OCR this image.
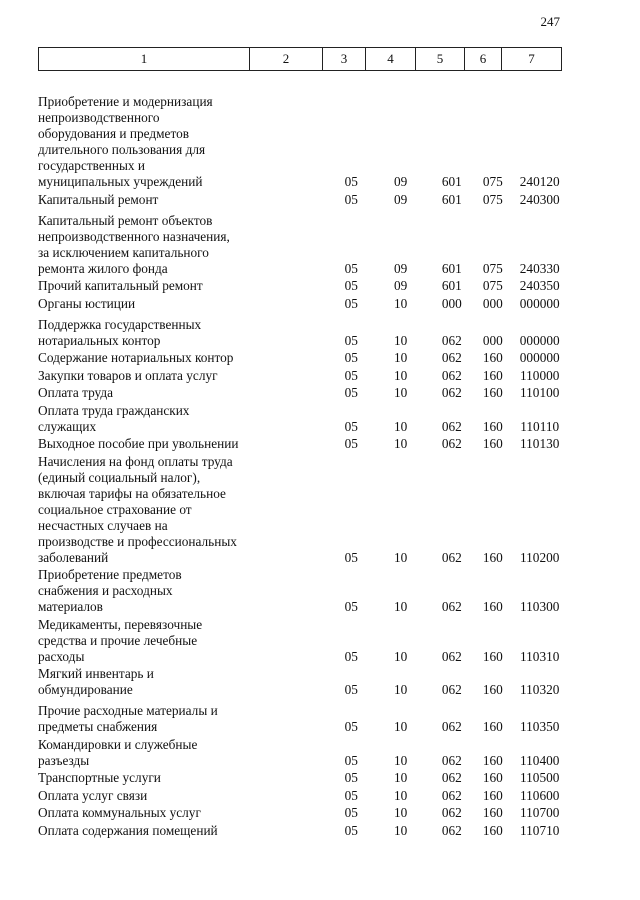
247
1	2	3	4	5	6	7
Приобретение и модернизация
непроизводственного
оборудования и предметов
длительного пользования для
государственных и
муниципальных учреждений	05	09	601	075	240120
Капитальный ремонт	05	09	601	075	240300
Капитальный ремонт объектов
непроизводственного назначения,
за исключением капитального
ремонта жилого фонда	05	09	601	075	240330
Прочий капитальный ремонт	05	09	601	075	240350
Органы юстиции	05	10	000	000	000000
Поддержка государственных
нотариальных контор	05	10	062	000	000000
Содержание нотариальных контор	05	10	062	160	000000
Закупки товаров и оплата услуг	05	10	062	160	110000
Оплата труда	05	10	062	160	110100
Оплата труда гражданских
служащих	05	10	062	160	110110
Выходное пособие при увольнении	05	10	062	160	110130
Начисления на фонд оплаты труда
(единый социальный налог),
включая тарифы на обязательное
социальное страхование от
несчастных случаев на
производстве и профессиональных
заболеваний	05	10	062	160	110200
Приобретение предметов
снабжения и расходных
материалов	05	10	062	160	110300
Медикаменты, перевязочные
средства и прочие лечебные
расходы	05	10	062	160	110310
Мягкий инвентарь и
обмундирование	05	10	062	160	110320
Прочие расходные материалы и
предметы снабжения	05	10	062	160	110350
Командировки и служебные
разъезды	05	10	062	160	110400
Транспортные услуги	05	10	062	160	110500
Оплата услуг связи	05	10	062	160	110600
Оплата коммунальных услуг	05	10	062	160	110700
Оплата содержания помещений	05	10	062	160	110710
